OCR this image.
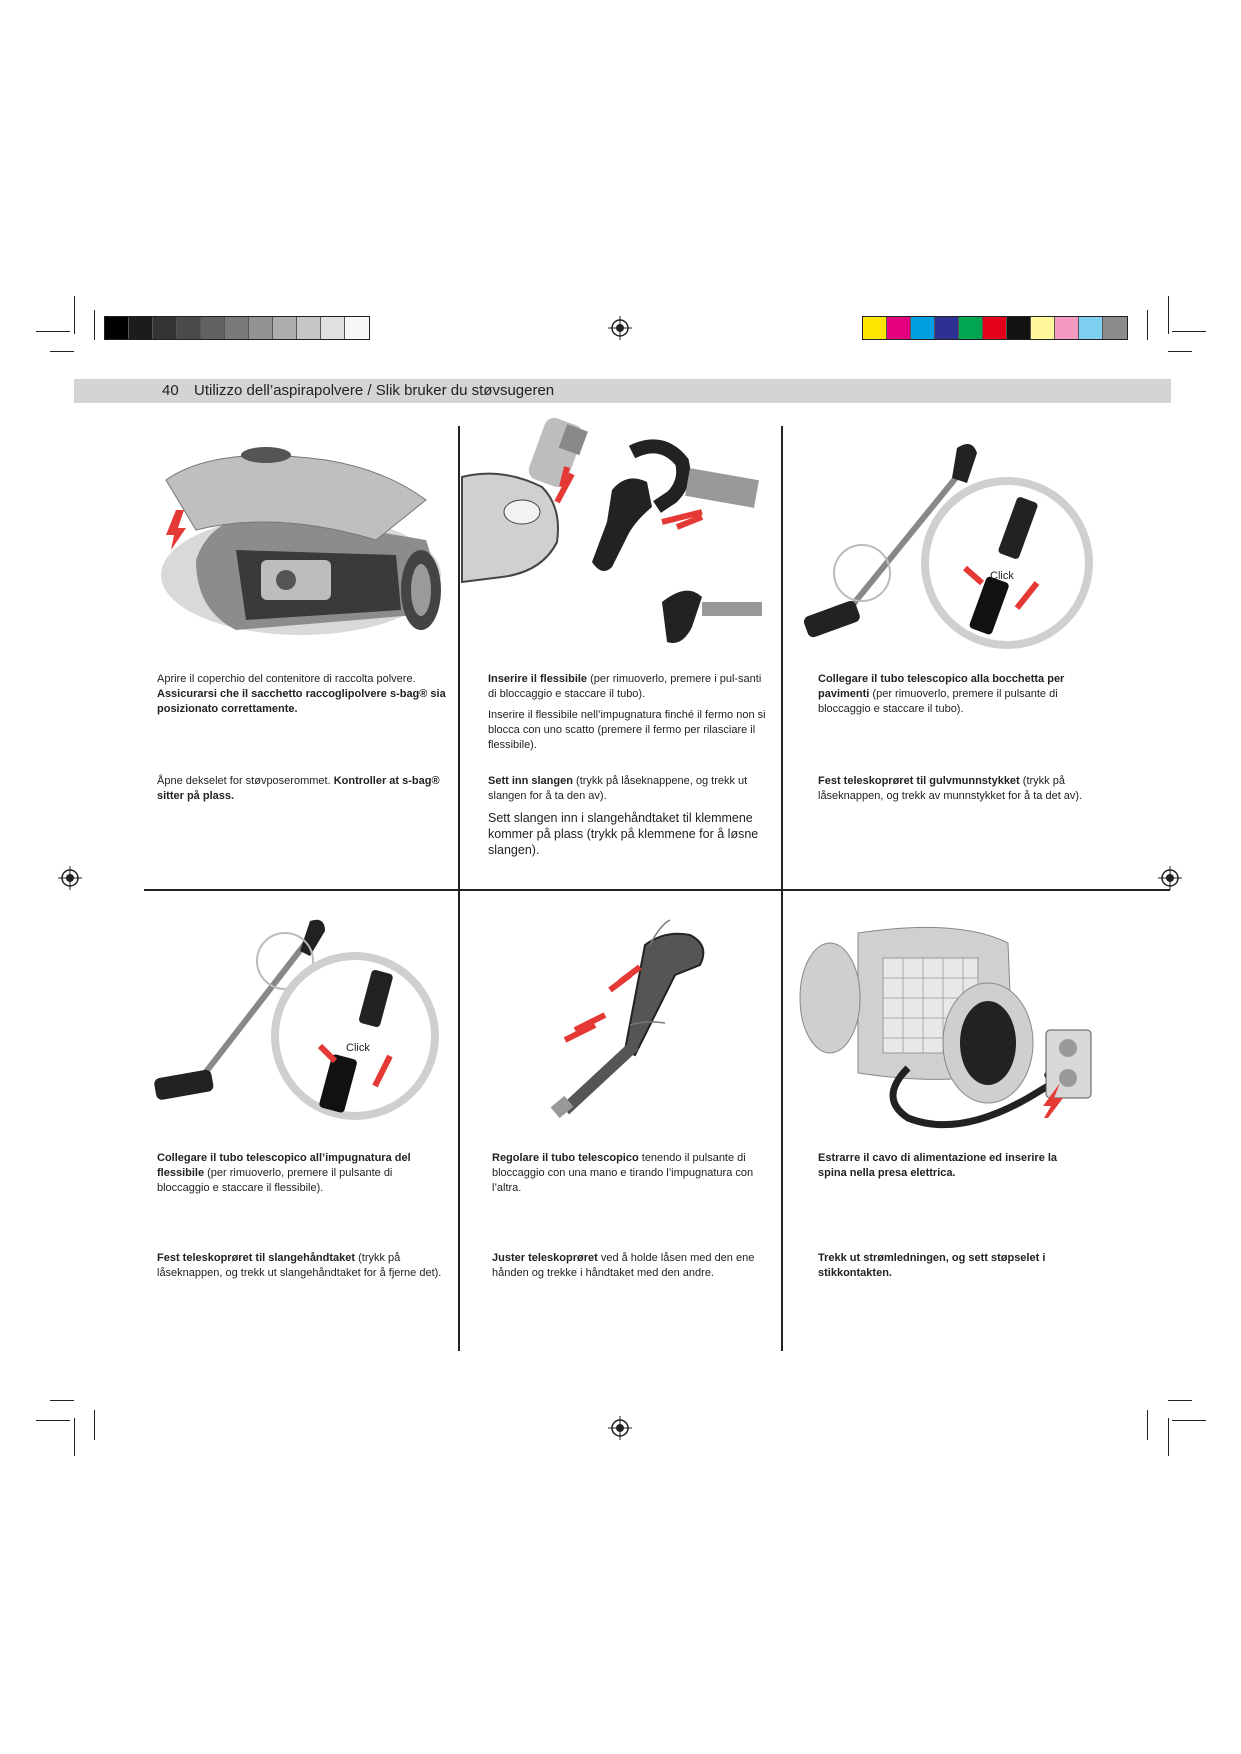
40 Utilizzo dell’aspirapolvere / Slik bruker du støvsugeren
Click
Click

Aprire il coperchio del contenitore di raccolta polvere. Assicurarsi che il sacchetto raccoglipolvere s-bag® sia posizionato correttamente.

Åpne dekselet for støvposerommet. Kontroller at s-bag® sitter på plass.

Inserire il flessibile (per rimuoverlo, premere i pul-santi di bloccaggio e staccare il tubo).

Inserire il flessibile nell’impugnatura finché il fermo non si blocca con uno scatto (premere il fermo per rilasciare il flessibile).

Sett inn slangen (trykk på låseknappene, og trekk ut slangen for å ta den av).

Sett slangen inn i slangehåndtaket til klemmene kommer på plass (trykk på klemmene for å løsne slangen).

Collegare il tubo telescopico alla bocchetta per pavimenti (per rimuoverlo, premere il pulsante di bloccaggio e staccare il tubo).

Fest teleskoprøret til gulvmunnstykket (trykk på låseknappen, og trekk av munnstykket for å ta det av).

Collegare il tubo telescopico all’impugnatura del flessibile (per rimuoverlo, premere il pulsante di bloccaggio e staccare il flessibile).

Fest teleskoprøret til slangehåndtaket (trykk på låseknappen, og trekk ut slangehåndtaket for å fjerne det).

Regolare il tubo telescopico tenendo il pulsante di bloccaggio con una mano e tirando l’impugnatura con l’altra.

Juster teleskoprøret ved å holde låsen med den ene hånden og trekke i håndtaket med den andre.

Estrarre il cavo di alimentazione ed inserire la spina nella presa elettrica.

Trekk ut strømledningen, og sett støpselet i stikkontakten.
